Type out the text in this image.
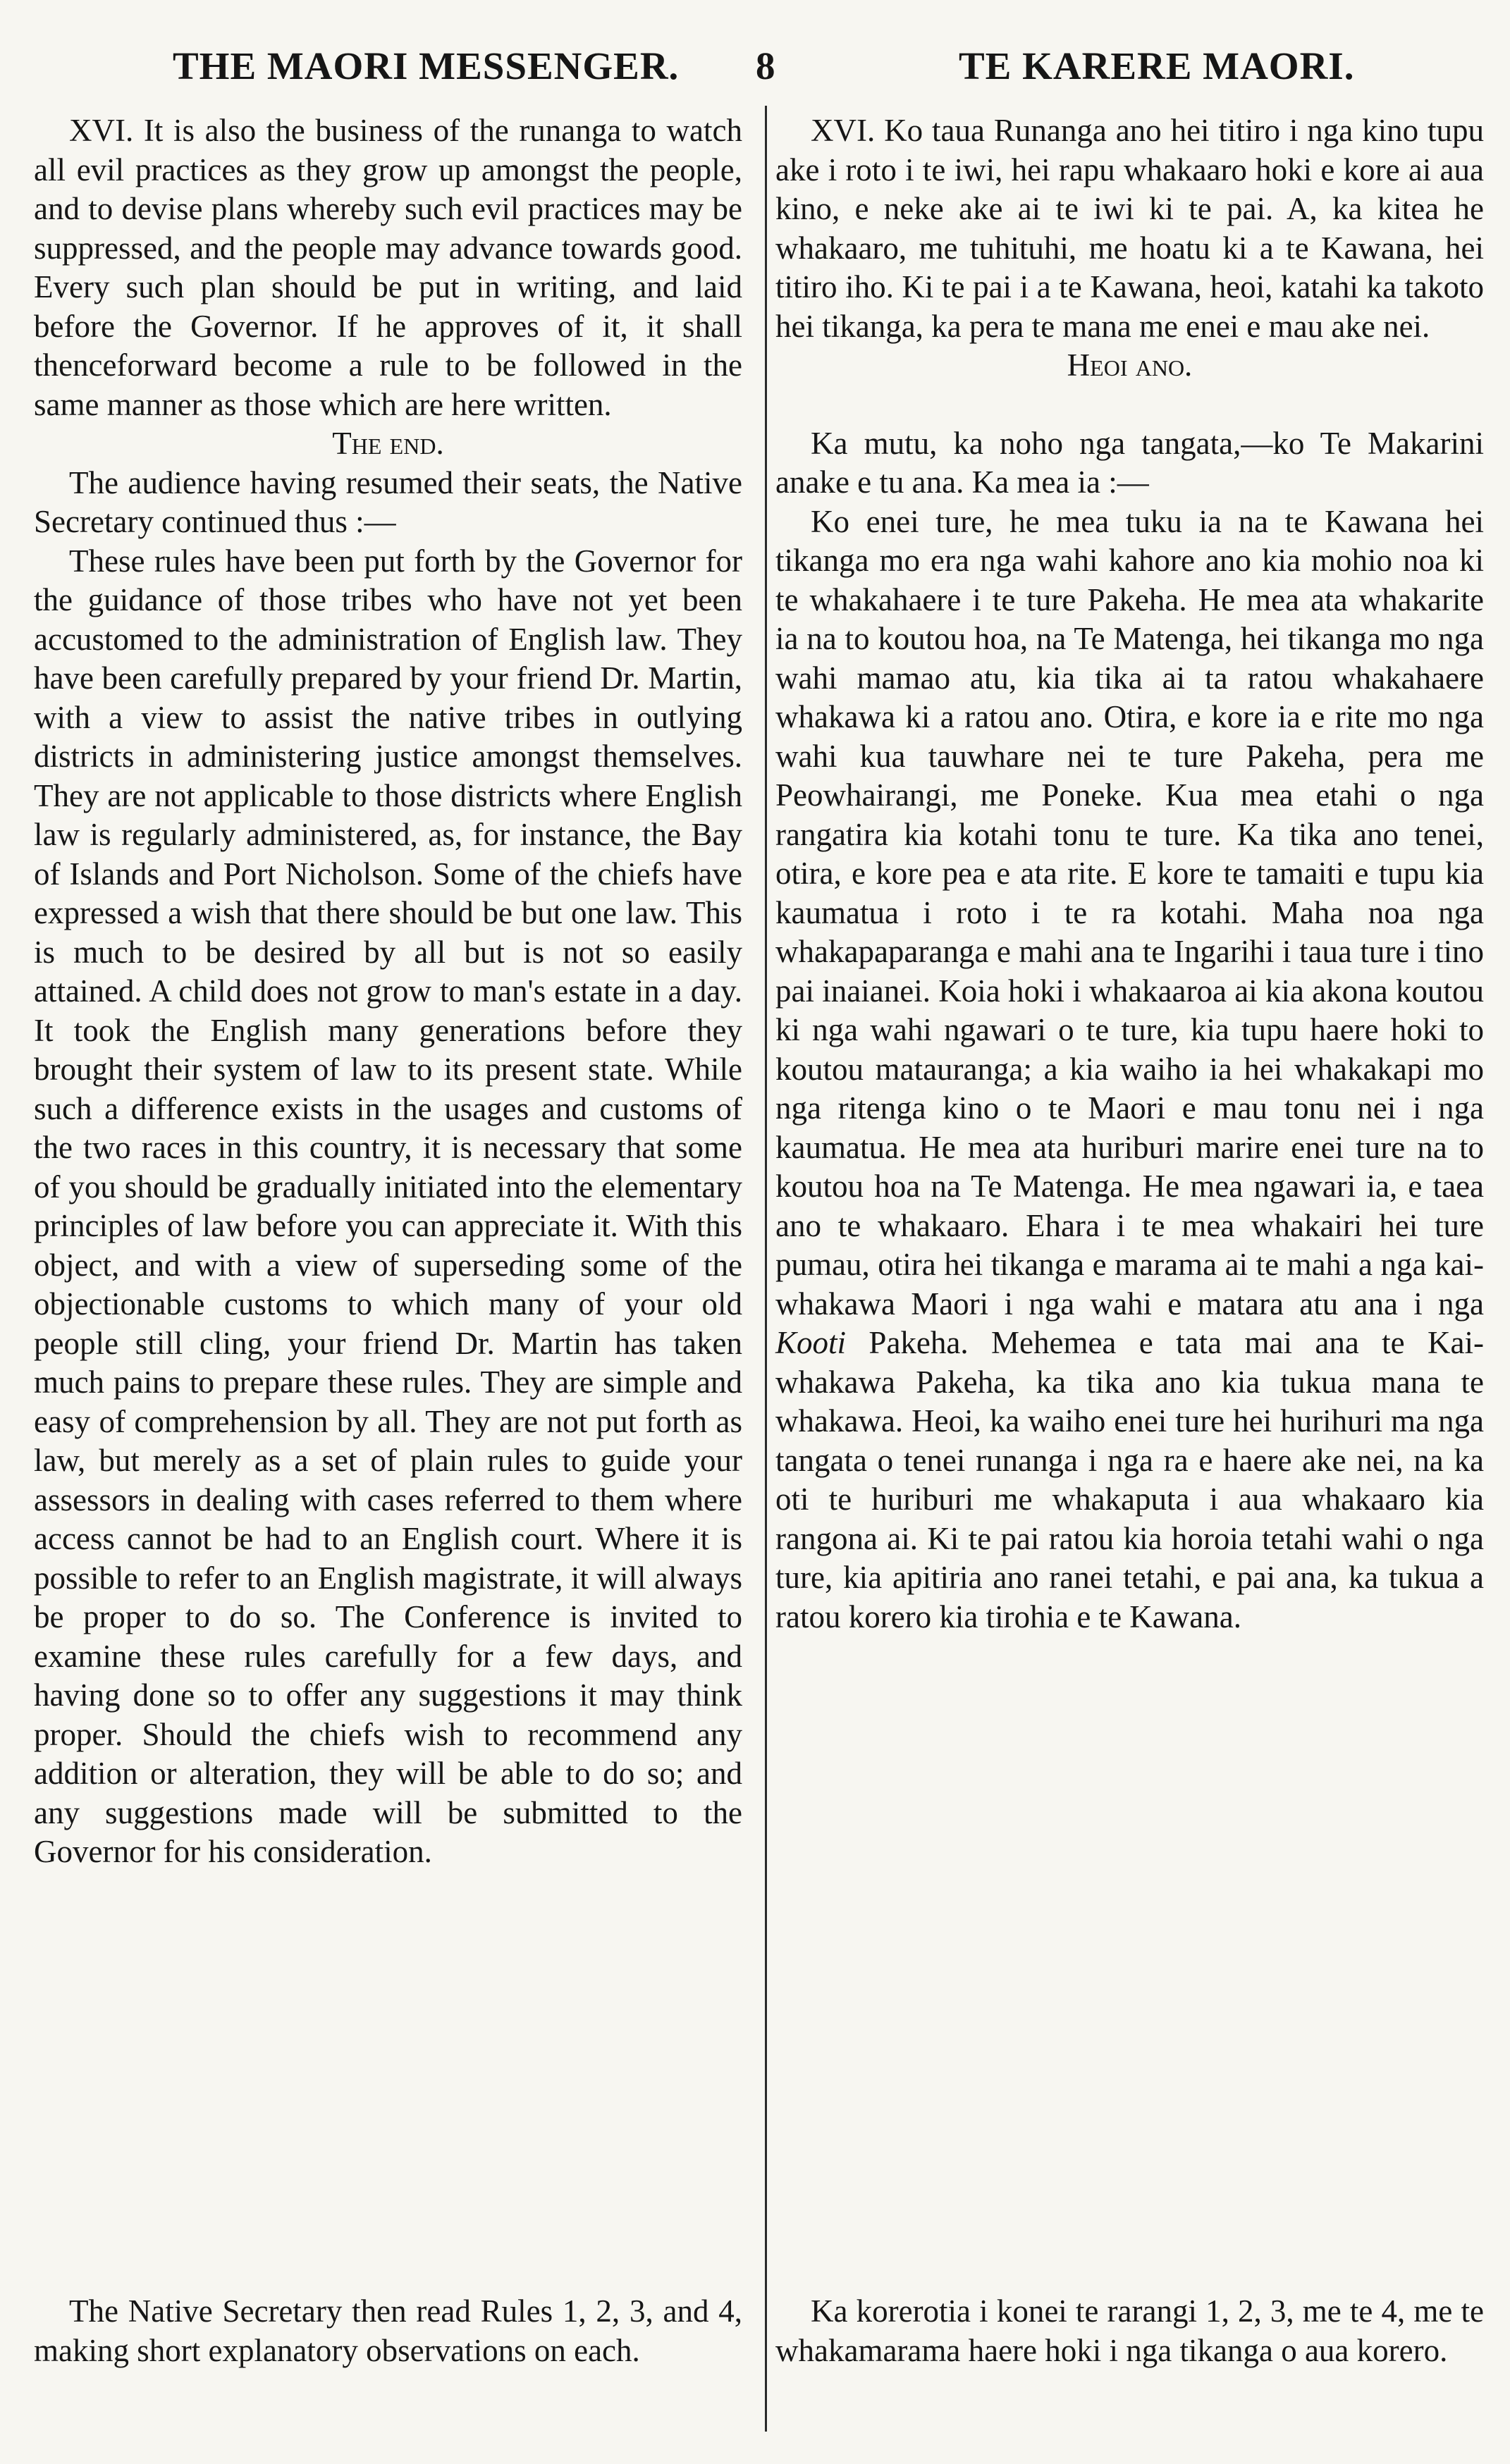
THE MAORI MESSENGER. 8	TE KARERE MAORI.

XVI. It is also the business of the runanga to watch all evil practices as they grow up amongst the people, and to devise plans whereby such evil practices may be suppressed, and the people may advance towards good. Every such plan should be put in writing, and laid before the Governor. If he approves of it, it shall thenceforward become a rule to be followed in the same manner as those which are here written.

The end.

The audience having resumed their seats, the Native Secretary continued thus :—

These rules have been put forth by the Governor for the guidance of those tribes who have not yet been accustomed to the administration of English law. They have been carefully prepared by your friend Dr. Martin, with a view to assist the native tribes in outlying districts in administering justice amongst themselves. They are not applicable to those districts where English law is regularly administered, as, for instance, the Bay of Islands and Port Nicholson. Some of the chiefs have expressed a wish that there should be but one law. This is much to be desired by all but is not so easily attained. A child does not grow to man's estate in a day. It took the English many generations before they brought their system of law to its present state. While such a difference exists in the usages and customs of the two races in this country, it is necessary that some of you should be gradually initiated into the elementary principles of law before you can appreciate it. With this object, and with a view of superseding some of the objectionable customs to which many of your old people still cling, your friend Dr. Martin has taken much pains to prepare these rules. They are simple and easy of comprehension by all. They are not put forth as law, but merely as a set of plain rules to guide your assessors in dealing with cases referred to them where access cannot be had to an English court. Where it is possible to refer to an English magistrate, it will always be proper to do so. The Conference is invited to examine these rules carefully for a few days, and having done so to offer any suggestions it may think proper. Should the chiefs wish to recommend any addition or alteration, they will be able to do so; and any suggestions made will be submitted to the Governor for his consideration.

XVI. Ko taua Runanga ano hei titiro i nga kino tupu ake i roto i te iwi, hei rapu whakaaro hoki e kore ai aua kino, e neke ake ai te iwi ki te pai. A, ka kitea he whakaaro, me tuhituhi, me hoatu ki a te Kawana, hei titiro iho. Ki te pai i a te Kawana, heoi, katahi ka takoto hei tikanga, ka pera te mana me enei e mau ake nei.

Heoi ano.

Ka mutu, ka noho nga tangata,—ko Te Makarini anake e tu ana. Ka mea ia :—

Ko enei ture, he mea tuku ia na te Kawana hei tikanga mo era nga wahi kahore ano kia mohio noa ki te whakahaere i te ture Pakeha. He mea ata whakarite ia na to koutou hoa, na Te Matenga, hei tikanga mo nga wahi mamao atu, kia tika ai ta ratou whakahaere whakawa ki a ratou ano. Otira, e kore ia e rite mo nga wahi kua tauwhare nei te ture Pakeha, pera me Peowhairangi, me Poneke. Kua mea etahi o nga rangatira kia kotahi tonu te ture. Ka tika ano tenei, otira, e kore pea e ata rite. E kore te tamaiti e tupu kia kaumatua i roto i te ra kotahi. Maha noa nga whakapaparanga e mahi ana te Ingarihi i taua ture i tino pai inaianei. Koia hoki i whakaaroa ai kia akona koutou ki nga wahi ngawari o te ture, kia tupu haere hoki to koutou matauranga; a kia waiho ia hei whakakapi mo nga ritenga kino o te Maori e mau tonu nei i nga kaumatua. He mea ata huriburi marire enei ture na to koutou hoa na Te Matenga. He mea ngawari ia, e taea ano te whakaaro. Ehara i te mea whakairi hei ture pumau, otira hei tikanga e marama ai te mahi a nga kai-whakawa Maori i nga wahi e matara atu ana i nga Kooti Pakeha. Mehemea e tata mai ana te Kai-whakawa Pakeha, ka tika ano kia tukua mana te whakawa. Heoi, ka waiho enei ture hei hurihuri ma nga tangata o tenei runanga i nga ra e haere ake nei, na ka oti te huriburi me whakaputa i aua whakaaro kia rangona ai. Ki te pai ratou kia horoia tetahi wahi o nga ture, kia apitiria ano ranei tetahi, e pai ana, ka tukua a ratou korero kia tirohia e te Kawana.

The Native Secretary then read Rules 1, 2, 3, and 4, making short explanatory observations on each.

Ka korerotia i konei te rarangi 1, 2, 3, me te 4, me te whakamarama haere hoki i nga tikanga o aua korero.
